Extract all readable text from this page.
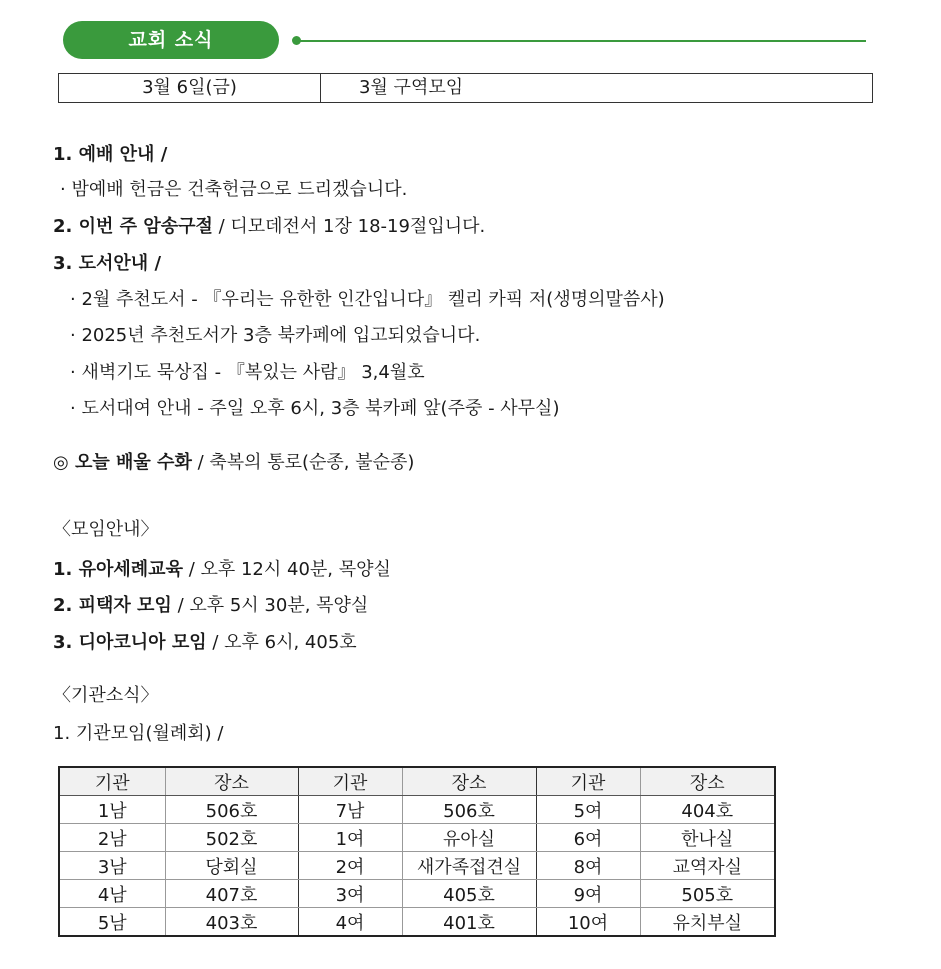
교회 소식
3월 6일(금)	3월 구역모임
1. 예배 안내 /
· 밤예배 헌금은 건축헌금으로 드리겠습니다.
2. 이번 주 암송구절 / 디모데전서 1장 18-19절입니다.
3. 도서안내 /
· 2월 추천도서 - 『우리는 유한한 인간입니다』 켈리 카픽 저(생명의말씀사)
· 2025년 추천도서가 3층 북카페에 입고되었습니다.
· 새벽기도 묵상집 - 『복있는 사람』 3,4월호
· 도서대여 안내 - 주일 오후 6시, 3층 북카페 앞(주중 - 사무실)
◎ 오늘 배울 수화 / 축복의 통로(순종, 불순종)
〈모임안내〉
1. 유아세례교육 / 오후 12시 40분, 목양실
2. 피택자 모임 / 오후 5시 30분, 목양실
3. 디아코니아 모임 / 오후 6시, 405호
〈기관소식〉
1. 기관모임(월례회) /
기관	장소	기관	장소	기관	장소
1남	506호	7남	506호	5여	404호
2남	502호	1여	유아실	6여	한나실
3남	당회실	2여	새가족접견실	8여	교역자실
4남	407호	3여	405호	9여	505호
5남	403호	4여	401호	10여	유치부실
